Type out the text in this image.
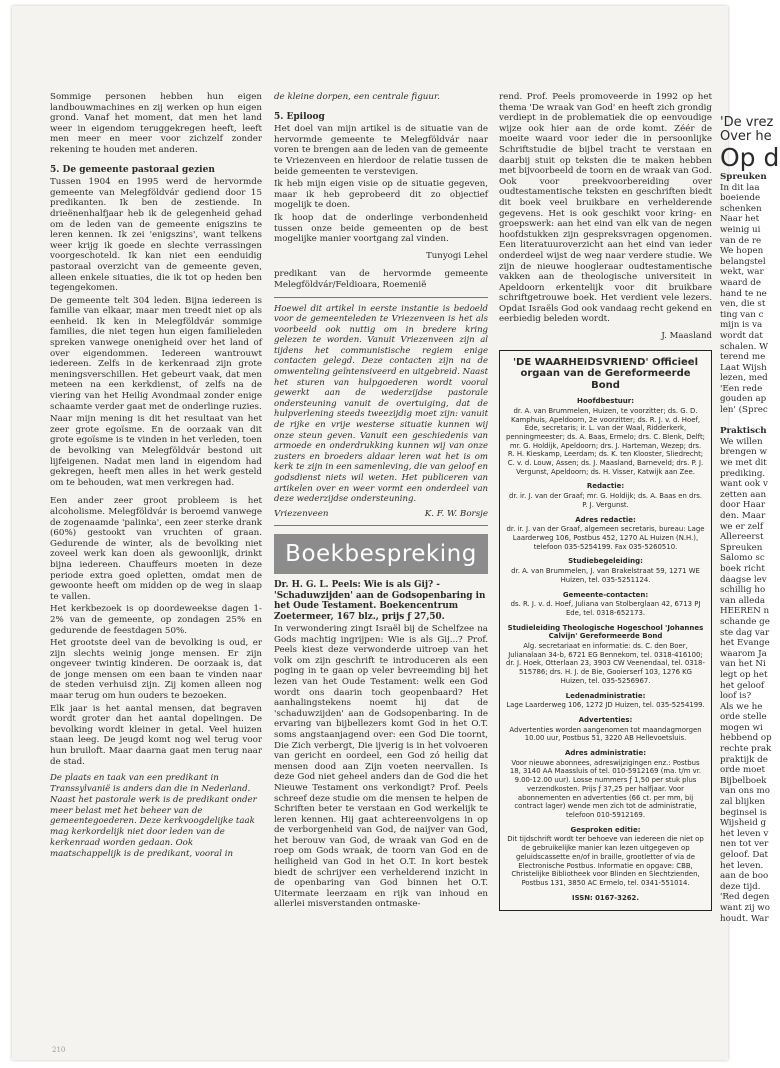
Sommige personen hebben hun eigen landbouwmachines en zij werken op hun eigen grond. Vanaf het moment, dat men het land weer in eigendom teruggekregen heeft, leeft men meer en meer voor zichzelf zonder rekening te houden met anderen.

5. De gemeente pastoraal gezien

Tussen 1904 en 1995 werd de hervormde gemeente van Melegföldvár gediend door 15 predikanten. Ik ben de zestiende. In drieënenhalfjaar heb ik de gelegenheid gehad om de leden van de gemeente enigszins te leren kennen. Ik zei 'enigszins', want telkens weer krijg ik goede en slechte verrassingen voorgeschoteld. Ik kan niet een eenduidig pastoraal overzicht van de gemeente geven, alleen enkele situaties, die ik tot op heden ben tegengekomen.

De gemeente telt 304 leden. Bijna iedereen is familie van elkaar, maar men treedt niet op als eenheid. Ik ken in Melegföldvár sommige families, die niet tegen hun eigen familieleden spreken vanwege onenigheid over het land of over eigendommen. Iedereen wantrouwt iedereen. Zelfs in de kerkenraad zijn grote meningsverschillen. Het gebeurt vaak, dat men meteen na een kerkdienst, of zelfs na de viering van het Heilig Avondmaal zonder enige schaamte verder gaat met de onderlinge ruzies.

Naar mijn mening is dit het resultaat van het zeer grote egoïsme. En de oorzaak van dit grote egoïsme is te vinden in het verleden, toen de bevolking van Melegföldvár bestond uit lijfeigenen. Nadat men land in eigendom had gekregen, heeft men alles in het werk gesteld om te behouden, wat men verkregen had.

Een ander zeer groot probleem is het alcoholisme. Melegföldvár is beroemd vanwege de zogenaamde 'palinka', een zeer sterke drank (60%) gestookt van vruchten of graan. Gedurende de winter, als de bevolking niet zoveel werk kan doen als gewoonlijk, drinkt bijna iedereen. Chauffeurs moeten in deze periode extra goed opletten, omdat men de gewoonte heeft om midden op de weg in slaap te vallen.

Het kerkbezoek is op doordeweekse dagen 1-2% van de gemeente, op zondagen 25% en gedurende de feestdagen 50%.

Het grootste deel van de bevolking is oud, er zijn slechts weinig jonge mensen. Er zijn ongeveer twintig kinderen. De oorzaak is, dat de jonge mensen om een baan te vinden naar de steden verhuisd zijn. Zij komen alleen nog maar terug om hun ouders te bezoeken.

Elk jaar is het aantal mensen, dat begraven wordt groter dan het aantal dopelingen. De bevolking wordt kleiner in getal. Veel huizen staan leeg. De jeugd komt nog wel terug voor hun bruiloft. Maar daarna gaat men terug naar de stad.

De plaats en taak van een predikant in Transsylvanië is anders dan die in Nederland. Naast het pastorale werk is de predikant onder meer belast met het beheer van de gemeentegoederen. Deze kerkvoogdelijke taak mag kerkordelijk niet door leden van de kerkenraad worden gedaan. Ook maatschappelijk is de predikant, vooral in

de kleine dorpen, een centrale figuur.

5. Epiloog

Het doel van mijn artikel is de situatie van de hervormde gemeente te Melegföldvár naar voren te brengen aan de leden van de gemeente te Vriezenveen en hierdoor de relatie tussen de beide gemeenten te verstevigen.

Ik heb mijn eigen visie op de situatie gegeven, maar ik heb geprobeerd dit zo objectief mogelijk te doen.

Ik hoop dat de onderlinge verbondenheid tussen onze beide gemeenten op de best mogelijke manier voortgang zal vinden.

Tunyogi Lehel

predikant van de hervormde gemeente Melegföldvár/Feldioara, Roemenië

Hoewel dit artikel in eerste instantie is bedoeld voor de gemeenteleden te Vriezenveen is het als voorbeeld ook nuttig om in bredere kring gelezen te worden. Vanuit Vriezenveen zijn al tijdens het communistische regiem enige contacten gelegd. Deze contacten zijn na de omwenteling geïntensiveerd en uitgebreid. Naast het sturen van hulpgoederen wordt vooral gewerkt aan de wederzijdse pastorale ondersteuning vanuit de overtuiging, dat de hulpverlening steeds tweezijdig moet zijn: vanuit de rijke en vrije westerse situatie kunnen wij onze steun geven. Vanuit een geschiedenis van armoede en onderdrukking kunnen wij van onze zusters en broeders aldaar leren wat het is om kerk te zijn in een samenleving, die van geloof en godsdienst niets wil weten. Het publiceren van artikelen over en weer vormt een onderdeel van deze wederzijdse ondersteuning.

Vriezenveen	K. F. W. Borsje
Boekbespreking

Dr. H. G. L. Peels: Wie is als Gij? - 'Schaduwzijden' aan de Godsopenbaring in het Oude Testament. Boekencentrum Zoetermeer, 167 blz., prijs ƒ 27,50.

In verwondering zingt Israël bij de Schelfzee na Gods machtig ingrijpen: Wie is als Gij...? Prof. Peels kiest deze verwonderde uitroep van het volk om zijn geschrift te introduceren als een poging in te gaan op veler bevreemding bij het lezen van het Oude Testament: welk een God wordt ons daarin toch geopenbaard? Het aanhalingstekens noemt hij dat de 'schaduwzijden' aan de Godsopenbaring. In de ervaring van bijbellezers komt God in het O.T. soms angstaanjagend over: een God Die toornt, Die Zich verbergt, Die ijverig is in het volvoeren van gericht en oordeel, een God zó heilig dat mensen dood aan Zijn voeten neervallen. Is deze God niet geheel anders dan de God die het Nieuwe Testament ons verkondigt? Prof. Peels schreef deze studie om die mensen te helpen de Schriften beter te verstaan en God werkelijk te leren kennen. Hij gaat achtereenvolgens in op de verborgenheid van God, de naijver van God, het berouw van God, de wraak van God en de roep om Gods wraak, de toorn van God en de heiligheid van God in het O.T. In kort bestek biedt de schrijver een verhelderend inzicht in de openbaring van God binnen het O.T. Uitermate leerzaam en rijk van inhoud en allerlei misverstanden ontmaske-

rend. Prof. Peels promoveerde in 1992 op het thema 'De wraak van God' en heeft zich grondig verdiept in de problematiek die op eenvoudige wijze ook hier aan de orde komt. Zéér de moeite waard voor ieder die in persoonlijke Schriftstudie de bijbel tracht te verstaan en daarbij stuit op teksten die te maken hebben met bijvoorbeeld de toorn en de wraak van God. Ook voor preekvoorbereiding over oudtestamentische teksten en geschriften biedt dit boek veel bruikbare en verhelderende gegevens. Het is ook geschikt voor kring- en groepswerk: aan het eind van elk van de negen hoofdstukken zijn gespreksvragen opgenomen. Een literatuuroverzicht aan het eind van ieder onderdeel wijst de weg naar verdere studie. We zijn de nieuwe hoogleraar oudtestamentische vakken aan de theologische universiteit in Apeldoorn erkentelijk voor dit bruikbare schriftgetrouwe boek. Het verdient vele lezers. Opdat Israëls God ook vandaag recht gekend en eerbiedig beleden wordt.

J. Maasland
'DE WAARHEIDSVRIEND' Officieel orgaan van de Gereformeerde Bond
Hoofdbestuur:
dr. A. van Brummelen, Huizen, te voorzitter; ds. G. D. Kamphuis, Apeldoorn, 2e voorzitter; ds. R. J. v. d. Hoef, Ede, secretaris; ir. L. van der Waal, Ridderkerk, penningmeester; ds. A. Baas, Ermelo; drs. C. Blenk, Delft; mr. G. Holdijk, Apeldoorn; drs. J. Harteman, Wezep; drs. R. H. Kieskamp, Leerdam; ds. K. ten Klooster, Sliedrecht; C. v. d. Louw, Assen; ds. J. Maasland, Barneveld; drs. P. J. Vergunst, Apeldoorn; ds. H. Visser, Katwijk aan Zee.
Redactie:
dr. ir. J. van der Graaf; mr. G. Holdijk; ds. A. Baas en drs. P. J. Vergunst.
Adres redactie:
dr. ir. J. van der Graaf, algemeen secretaris, bureau: Lage Laarderweg 106, Postbus 452, 1270 AL Huizen (N.H.), telefoon 035-5254199. Fax 035-5260510.
Studiebegeleiding:
dr. A. van Brummelen, J. van Brakelstraat 59, 1271 WE Huizen, tel. 035-5251124.
Gemeente-contacten:
ds. R. J. v. d. Hoef, Juliana van Stolberglaan 42, 6713 PJ Ede, tel. 0318-652173.
Studieleiding Theologische Hogeschool 'Johannes Calvijn' Gereformeerde Bond
Alg. secretariaat en informatie: ds. C. den Boer, Julianalaan 34-b, 6721 EG Bennekom, tel. 0318-416100; dr. J. Hoek, Otterlaan 23, 3903 CW Veenendaal, tel. 0318-515786; drs. H. J. de Bie, Gooierserf 103, 1276 KG Huizen, tel. 035-5256967.
Ledenadministratie:
Lage Laarderweg 106, 1272 JD Huizen, tel. 035-5254199.
Advertenties:
Advertenties worden aangenomen tot maandagmorgen 10.00 uur, Postbus 51, 3220 AB Hellevoetsluis.
Adres administratie:
Voor nieuwe abonnees, adreswijzigingen enz.: Postbus 18, 3140 AA Maassluis of tel. 010-5912169 (ma. t/m vr. 9.00-12.00 uur). Losse nummers ƒ 1,50 per stuk plus verzendkosten. Prijs ƒ 37,25 per halfjaar. Voor abonnementen en advertenties (66 ct. per mm, bij contract lager) wende men zich tot de administratie, telefoon 010-5912169.
Gesproken editie:
Dit tijdschrift wordt ter behoeve van iedereen die niet op de gebruikelijke manier kan lezen uitgegeven op geluidscassette en/of in braille, grootletter of via de Electronische Postbus. Informatie en opgave: CBB, Christelijke Bibliotheek voor Blinden en Slechtzienden, Postbus 131, 3850 AC Ermelo, tel. 0341-551014.
ISSN: 0167-3262.
'De vrez
Over he
Op d
Spreuken
In dit laa
boeiende
schenken
Naar het
weinig ui
van de re
We hopen
belangstel
wekt, war
waard de
hand te ne
ven, die st
ting van c
mijn is va
wordt dat
schalen. W
terend me
Laat Wijsh
lezen, med
'Een rede
gouden ap
len' (Sprec

Praktisch
We willen
brengen w
we met dit
prediking.
want ook v
zetten aan
door Haar
den. Maar
we er zelf
Allereerst
Spreuken
Salomo sc
boek richt
daagse lev
schillig ho
van alleda
HEEREN n
schande ge
ste dag var
het Evange
waarom Ja
van het Ni
legt op het
het geloof
loof is?
Als we he
orde stelle
mogen wi
hebbend op
rechte prak
praktijk de
orde moet
Bijbelboek
van ons mo
zal blijken
beginsel is
Wijsheid g
het leven v
nen tot ver
geloof. Dat
het leven.
aan de boo
deze tijd.
'Red degen
want zij wo
houdt. War
210
